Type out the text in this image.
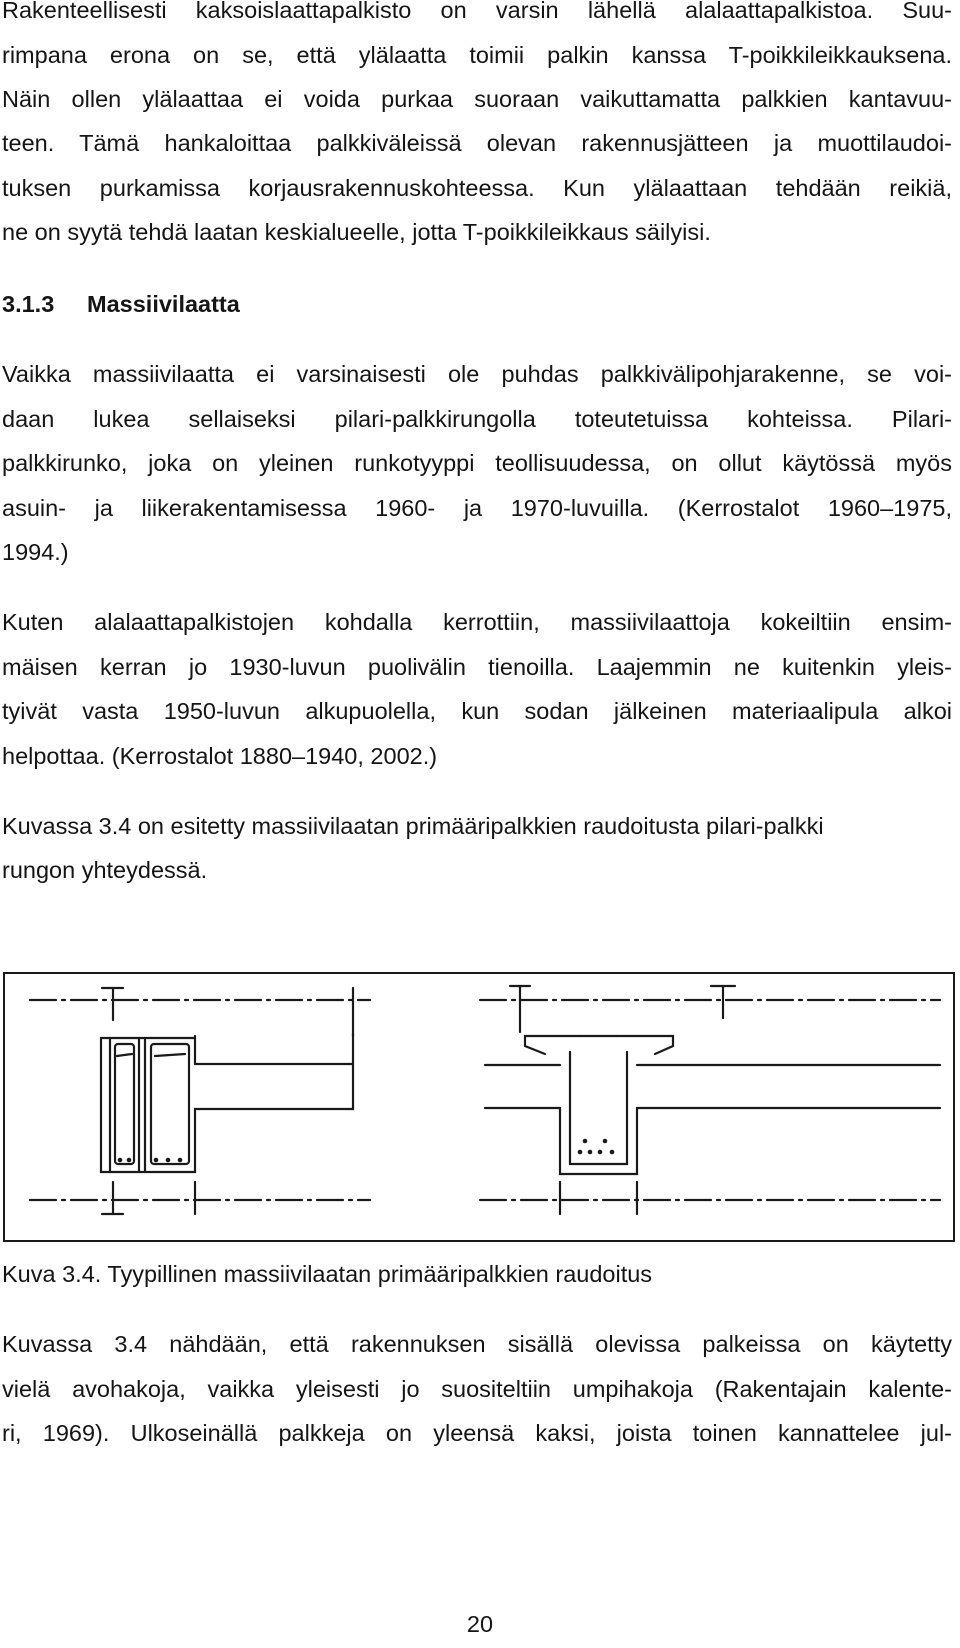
Rakenteellisesti kaksoislaattapalkisto on varsin lähellä alalaattapalkistoa. Suu-
rimpana erona on se, että ylälaatta toimii palkin kanssa T-poikkileikkauksena.
Näin ollen ylälaattaa ei voida purkaa suoraan vaikuttamatta palkkien kantavuu-
teen. Tämä hankaloittaa palkkiväleissä olevan rakennusjätteen ja muottilaudoi-
tuksen purkamissa korjausrakennuskohteessa. Kun ylälaattaan tehdään reikiä,
ne on syytä tehdä laatan keskialueelle, jotta T-poikkileikkaus säilyisi.
3.1.3 Massiivilaatta
Vaikka massiivilaatta ei varsinaisesti ole puhdas palkkivälipohjarakenne, se voi-
daan lukea sellaiseksi pilari-palkkirungolla toteutetuissa kohteissa. Pilari-
palkkirunko, joka on yleinen runkotyyppi teollisuudessa, on ollut käytössä myös
asuin- ja liikerakentamisessa 1960- ja 1970-luvuilla. (Kerrostalot 1960–1975,
1994.)
Kuten alalaattapalkistojen kohdalla kerrottiin, massiivilaattoja kokeiltiin ensim-
mäisen kerran jo 1930-luvun puolivälin tienoilla. Laajemmin ne kuitenkin yleis-
tyivät vasta 1950-luvun alkupuolella, kun sodan jälkeinen materiaalipula alkoi
helpottaa. (Kerrostalot 1880–1940, 2002.)
Kuvassa 3.4 on esitetty massiivilaatan primääripalkkien raudoitusta pilari-palkki
rungon yhteydessä.
Kuva 3.4. Tyypillinen massiivilaatan primääripalkkien raudoitus
Kuvassa 3.4 nähdään, että rakennuksen sisällä olevissa palkeissa on käytetty
vielä avohakoja, vaikka yleisesti jo suositeltiin umpihakoja (Rakentajain kalente-
ri, 1969). Ulkoseinällä palkkeja on yleensä kaksi, joista toinen kannattelee jul-
20
